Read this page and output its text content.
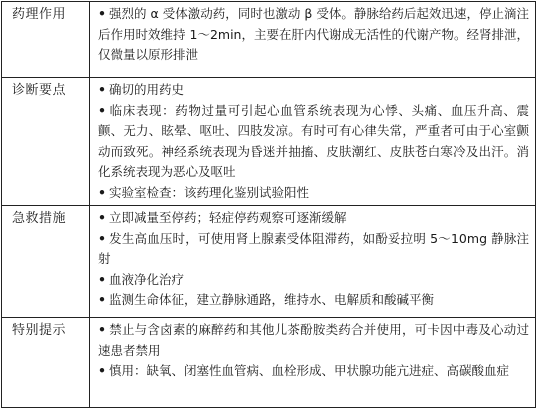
药理作用	• 强烈的 α 受体激动药，同时也激动 β 受体。静脉给药后起效迅速，停止滴注后作用时效维持 1～2min，主要在肝内代谢成无活性的代谢产物。经肾排泄，仅微量以原形排泄

诊断要点	• 确切的用药史

• 临床表现：药物过量可引起心血管系统表现为心悸、头痛、血压升高、震颤、无力、眩晕、呕吐、四肢发凉。有时可有心律失常，严重者可由于心室颤动而致死。神经系统表现为昏迷并抽搐、皮肤潮红、皮肤苍白寒冷及出汗。消化系统表现为恶心及呕吐

• 实验室检查：该药理化鉴别试验阳性

急救措施	• 立即减量至停药；轻症停药观察可逐渐缓解

• 发生高血压时，可使用肾上腺素受体阻滞药，如酚妥拉明 5～10mg 静脉注射

• 血液净化治疗

• 监测生命体征，建立静脉通路，维持水、电解质和酸碱平衡

特别提示	• 禁止与含卤素的麻醉药和其他儿茶酚胺类药合并使用，可卡因中毒及心动过速患者禁用

• 慎用：缺氧、闭塞性血管病、血栓形成、甲状腺功能亢进症、高碳酸血症
